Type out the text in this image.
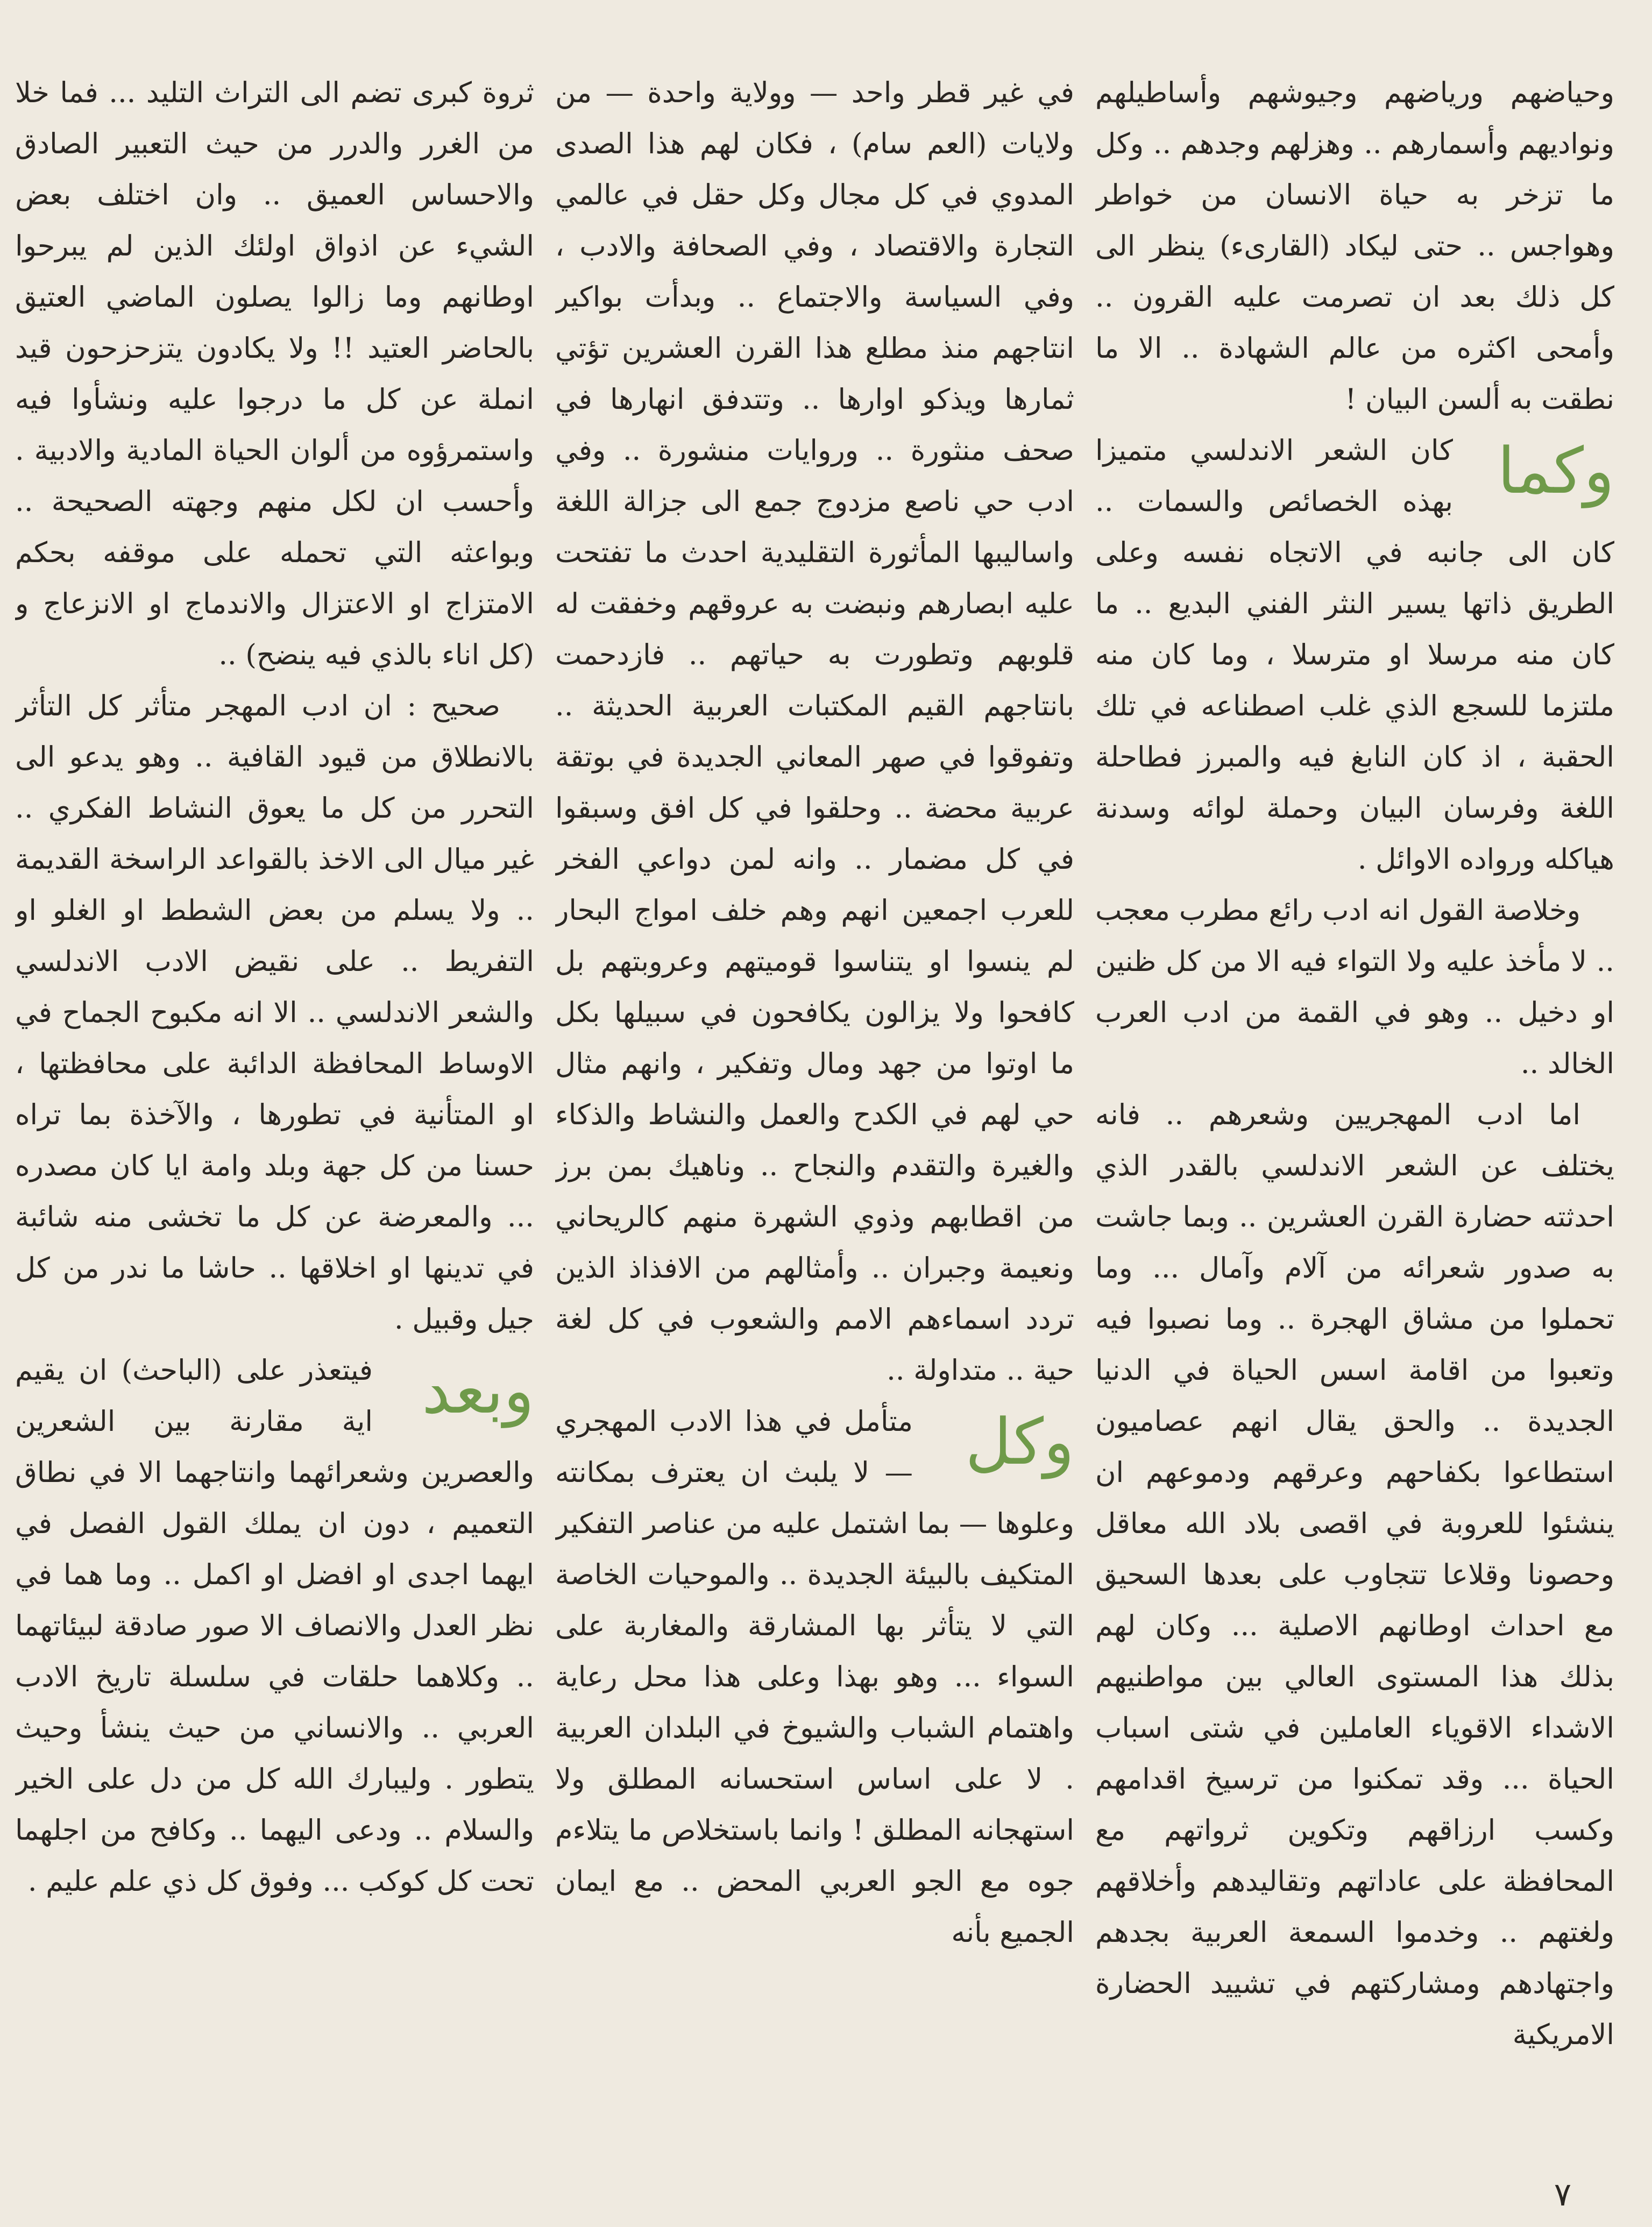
وحياضهم ورياضهم وجيوشهم وأساطيلهم ونواديهم وأسمارهم .. وهزلهم وجدهم .. وكل ما تزخر به حياة الانسان من خواطر وهواجس .. حتى ليكاد (القارىء) ينظر الى كل ذلك بعد ان تصرمت عليه القرون .. وأمحى اكثره من عالم الشهادة .. الا ما نطقت به ألسن البيان !

وكما
كان الشعر الاندلسي متميزا بهذه الخصائص والسمات .. كان الى جانبه في الاتجاه نفسه وعلى الطريق ذاتها يسير النثر الفني البديع .. ما كان منه مرسلا او مترسلا ، وما كان منه ملتزما للسجع الذي غلب اصطناعه في تلك الحقبة ، اذ كان النابغ فيه والمبرز فطاحلة اللغة وفرسان البيان وحملة لوائه وسدنة هياكله ورواده الاوائل .

وخلاصة القول انه ادب رائع مطرب معجب .. لا مأخذ عليه ولا التواء فيه الا من كل ظنين او دخيل .. وهو في القمة من ادب العرب الخالد ..

اما ادب المهجريين وشعرهم .. فانه يختلف عن الشعر الاندلسي بالقدر الذي احدثته حضارة القرن العشرين .. وبما جاشت به صدور شعرائه من آلام وآمال ... وما تحملوا من مشاق الهجرة .. وما نصبوا فيه وتعبوا من اقامة اسس الحياة في الدنيا الجديدة .. والحق يقال انهم عصاميون استطاعوا بكفاحهم وعرقهم ودموعهم ان ينشئوا للعروبة في اقصى بلاد الله معاقل وحصونا وقلاعا تتجاوب على بعدها السحيق مع احداث اوطانهم الاصلية ... وكان لهم بذلك هذا المستوى العالي بين مواطنيهم الاشداء الاقوياء العاملين في شتى اسباب الحياة ... وقد تمكنوا من ترسيخ اقدامهم وكسب ارزاقهم وتكوين ثرواتهم مع المحافظة على عاداتهم وتقاليدهم وأخلاقهم ولغتهم .. وخدموا السمعة العربية بجدهم واجتهادهم ومشاركتهم في تشييد الحضارة الامريكية

في غير قطر واحد — وولاية واحدة — من ولايات (العم سام) ، فكان لهم هذا الصدى المدوي في كل مجال وكل حقل في عالمي التجارة والاقتصاد ، وفي الصحافة والادب ، وفي السياسة والاجتماع .. وبدأت بواكير انتاجهم منذ مطلع هذا القرن العشرين تؤتي ثمارها ويذكو اوارها .. وتتدفق انهارها في صحف منثورة .. وروايات منشورة .. وفي ادب حي ناصع مزدوج جمع الى جزالة اللغة واساليبها المأثورة التقليدية احدث ما تفتحت عليه ابصارهم ونبضت به عروقهم وخفقت له قلوبهم وتطورت به حياتهم .. فازدحمت بانتاجهم القيم المكتبات العربية الحديثة .. وتفوقوا في صهر المعاني الجديدة في بوتقة عربية محضة .. وحلقوا في كل افق وسبقوا في كل مضمار .. وانه لمن دواعي الفخر للعرب اجمعين انهم وهم خلف امواج البحار لم ينسوا او يتناسوا قوميتهم وعروبتهم بل كافحوا ولا يزالون يكافحون في سبيلها بكل ما اوتوا من جهد ومال وتفكير ، وانهم مثال حي لهم في الكدح والعمل والنشاط والذكاء والغيرة والتقدم والنجاح .. وناهيك بمن برز من اقطابهم وذوي الشهرة منهم كالريحاني ونعيمة وجبران .. وأمثالهم من الافذاذ الذين تردد اسماءهم الامم والشعوب في كل لغة حية .. متداولة ..

وكل
متأمل في هذا الادب المهجري — لا يلبث ان يعترف بمكانته وعلوها — بما اشتمل عليه من عناصر التفكير المتكيف بالبيئة الجديدة .. والموحيات الخاصة التي لا يتأثر بها المشارقة والمغاربة على السواء ... وهو بهذا وعلى هذا محل رعاية واهتمام الشباب والشيوخ في البلدان العربية . لا على اساس استحسانه المطلق ولا استهجانه المطلق ! وانما باستخلاص ما يتلاءم جوه مع الجو العربي المحض .. مع ايمان الجميع بأنه

ثروة كبرى تضم الى التراث التليد ... فما خلا من الغرر والدرر من حيث التعبير الصادق والاحساس العميق .. وان اختلف بعض الشيء عن اذواق اولئك الذين لم يبرحوا اوطانهم وما زالوا يصلون الماضي العتيق بالحاضر العتيد !! ولا يكادون يتزحزحون قيد انملة عن كل ما درجوا عليه ونشأوا فيه واستمرؤوه من ألوان الحياة المادية والادبية . وأحسب ان لكل منهم وجهته الصحيحة .. وبواعثه التي تحمله على موقفه بحكم الامتزاج او الاعتزال والاندماج او الانزعاج و (كل اناء بالذي فيه ينضح) ..

صحيح : ان ادب المهجر متأثر كل التأثر بالانطلاق من قيود القافية .. وهو يدعو الى التحرر من كل ما يعوق النشاط الفكري .. غير ميال الى الاخذ بالقواعد الراسخة القديمة .. ولا يسلم من بعض الشطط او الغلو او التفريط .. على نقيض الادب الاندلسي والشعر الاندلسي .. الا انه مكبوح الجماح في الاوساط المحافظة الدائبة على محافظتها ، او المتأنية في تطورها ، والآخذة بما تراه حسنا من كل جهة وبلد وامة ايا كان مصدره ... والمعرضة عن كل ما تخشى منه شائبة في تدينها او اخلاقها .. حاشا ما ندر من كل جيل وقبيل .

وبعد
فيتعذر على (الباحث) ان يقيم اية مقارنة بين الشعرين والعصرين وشعرائهما وانتاجهما الا في نطاق التعميم ، دون ان يملك القول الفصل في ايهما اجدى او افضل او اكمل .. وما هما في نظر العدل والانصاف الا صور صادقة لبيئاتهما .. وكلاهما حلقات في سلسلة تاريخ الادب العربي .. والانساني من حيث ينشأ وحيث يتطور . وليبارك الله كل من دل على الخير والسلام .. ودعى اليهما .. وكافح من اجلهما تحت كل كوكب ... وفوق كل ذي علم عليم .

٧
